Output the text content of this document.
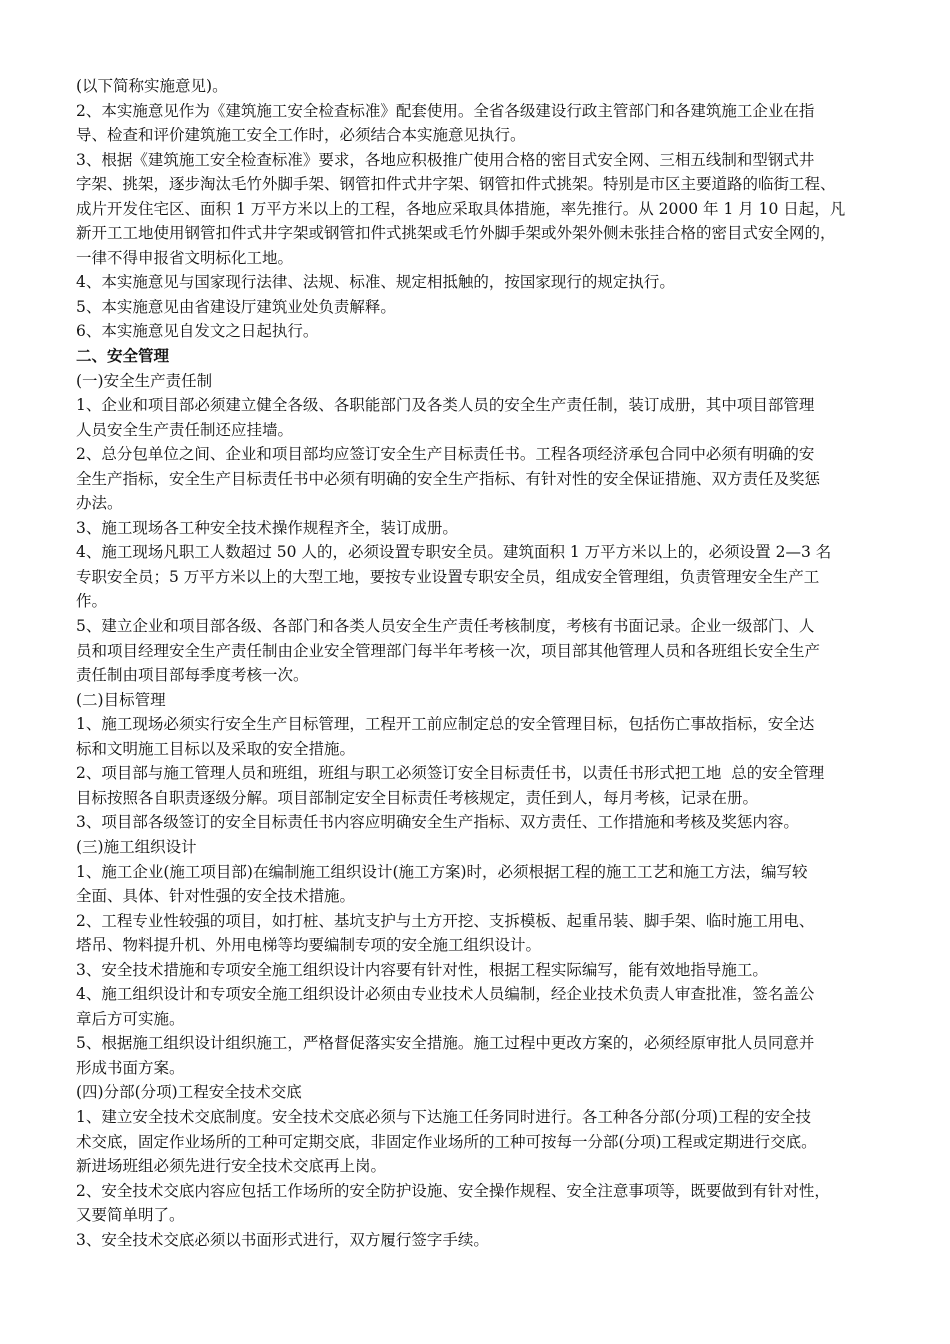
(以下简称实施意见)。
2、本实施意见作为《建筑施工安全检查标准》配套使用。全省各级建设行政主管部门和各建筑施工企业在指
导、检查和评价建筑施工安全工作时，必须结合本实施意见执行。
3、根据《建筑施工安全检查标准》要求，各地应积极推广使用合格的密目式安全网、三相五线制和型钢式井
字架、挑架，逐步淘汰毛竹外脚手架、钢管扣件式井字架、钢管扣件式挑架。特别是市区主要道路的临街工程、
成片开发住宅区、面积 1 万平方米以上的工程，各地应采取具体措施，率先推行。从 2000 年 1 月 10 日起，凡
新开工工地使用钢管扣件式井字架或钢管扣件式挑架或毛竹外脚手架或外架外侧未张挂合格的密目式安全网的，
一律不得申报省文明标化工地。
4、本实施意见与国家现行法律、法规、标准、规定相抵触的，按国家现行的规定执行。
5、本实施意见由省建设厅建筑业处负责解释。
6、本实施意见自发文之日起执行。
二、安全管理
(一)安全生产责任制
1、企业和项目部必须建立健全各级、各职能部门及各类人员的安全生产责任制，装订成册，其中项目部管理
人员安全生产责任制还应挂墙。
2、总分包单位之间、企业和项目部均应签订安全生产目标责任书。工程各项经济承包合同中必须有明确的安
全生产指标，安全生产目标责任书中必须有明确的安全生产指标、有针对性的安全保证措施、双方责任及奖惩
办法。
3、施工现场各工种安全技术操作规程齐全，装订成册。
4、施工现场凡职工人数超过 50 人的，必须设置专职安全员。建筑面积 1 万平方米以上的，必须设置 2—3 名
专职安全员；5 万平方米以上的大型工地，要按专业设置专职安全员，组成安全管理组，负责管理安全生产工
作。
5、建立企业和项目部各级、各部门和各类人员安全生产责任考核制度，考核有书面记录。企业一级部门、人
员和项目经理安全生产责任制由企业安全管理部门每半年考核一次，项目部其他管理人员和各班组长安全生产
责任制由项目部每季度考核一次。
(二)目标管理
1、施工现场必须实行安全生产目标管理，工程开工前应制定总的安全管理目标，包括伤亡事故指标，安全达
标和文明施工目标以及采取的安全措施。
2、项目部与施工管理人员和班组，班组与职工必须签订安全目标责任书，以责任书形式把工地  总的安全管理
目标按照各自职责逐级分解。项目部制定安全目标责任考核规定，责任到人，每月考核，记录在册。
3、项目部各级签订的安全目标责任书内容应明确安全生产指标、双方责任、工作措施和考核及奖惩内容。
(三)施工组织设计
1、施工企业(施工项目部)在编制施工组织设计(施工方案)时，必须根据工程的施工工艺和施工方法，编写较
全面、具体、针对性强的安全技术措施。
2、工程专业性较强的项目，如打桩、基坑支护与土方开挖、支拆模板、起重吊装、脚手架、临时施工用电、
塔吊、物料提升机、外用电梯等均要编制专项的安全施工组织设计。
3、安全技术措施和专项安全施工组织设计内容要有针对性，根据工程实际编写，能有效地指导施工。
4、施工组织设计和专项安全施工组织设计必须由专业技术人员编制，经企业技术负责人审查批准，签名盖公
章后方可实施。
5、根据施工组织设计组织施工，严格督促落实安全措施。施工过程中更改方案的，必须经原审批人员同意并
形成书面方案。
(四)分部(分项)工程安全技术交底
1、建立安全技术交底制度。安全技术交底必须与下达施工任务同时进行。各工种各分部(分项)工程的安全技
术交底，固定作业场所的工种可定期交底，非固定作业场所的工种可按每一分部(分项)工程或定期进行交底。
新进场班组必须先进行安全技术交底再上岗。
2、安全技术交底内容应包括工作场所的安全防护设施、安全操作规程、安全注意事项等，既要做到有针对性，
又要简单明了。
3、安全技术交底必须以书面形式进行，双方履行签字手续。
